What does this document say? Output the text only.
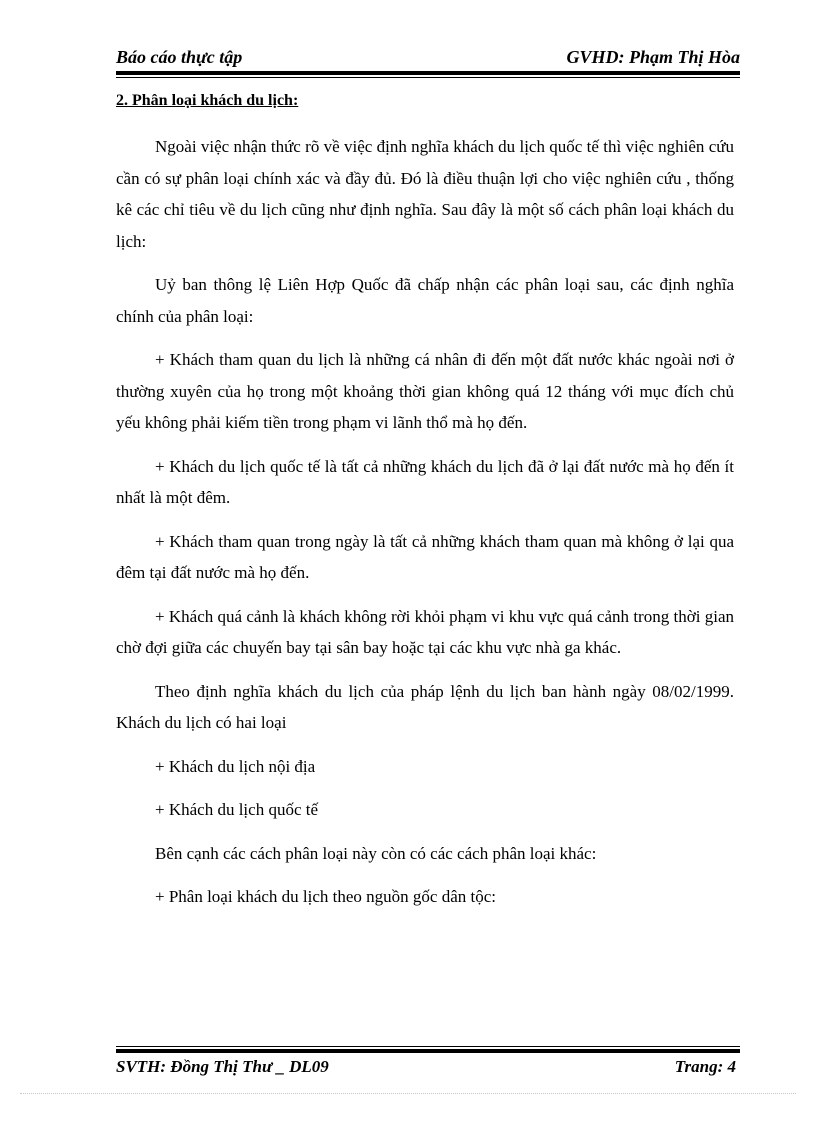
Báo cáo thực tập	GVHD: Phạm Thị Hòa
2. Phân loại khách du lịch:

Ngoài việc nhận thức rõ về việc định nghĩa khách du lịch quốc tế thì việc nghiên cứu cần có sự phân loại chính xác và đầy đủ. Đó là điều thuận lợi cho việc nghiên cứu , thống kê các chỉ tiêu về du lịch cũng như định nghĩa. Sau đây là một số cách phân loại khách du lịch:

Uỷ ban thông lệ Liên Hợp Quốc đã chấp nhận các phân loại sau, các định nghĩa chính của phân loại:

+ Khách tham quan du lịch là những cá nhân đi đến một đất nước khác ngoài nơi ở thường xuyên của họ trong một khoảng thời gian không quá 12 tháng với mục đích chủ yếu không phải kiếm tiền trong phạm vi lãnh thổ mà họ đến.

+ Khách du lịch quốc tế là tất cả những khách du lịch đã ở lại đất nước mà họ đến ít nhất là một đêm.

+ Khách tham quan trong ngày là tất cả những khách tham quan mà không ở lại qua đêm tại đất nước mà họ đến.

+ Khách quá cảnh là khách không rời khỏi phạm vi khu vực quá cảnh trong thời gian chờ đợi giữa các chuyến bay tại sân bay hoặc tại các khu vực nhà ga khác.

Theo định nghĩa khách du lịch của pháp lệnh du lịch ban hành ngày 08/02/1999. Khách du lịch có hai loại

+ Khách du lịch nội địa

+ Khách du lịch quốc tế

Bên cạnh các cách phân loại này còn có các cách phân loại khác:

+ Phân loại khách du lịch theo nguồn gốc dân tộc:

SVTH: Đồng Thị Thư _ DL09	Trang: 4
